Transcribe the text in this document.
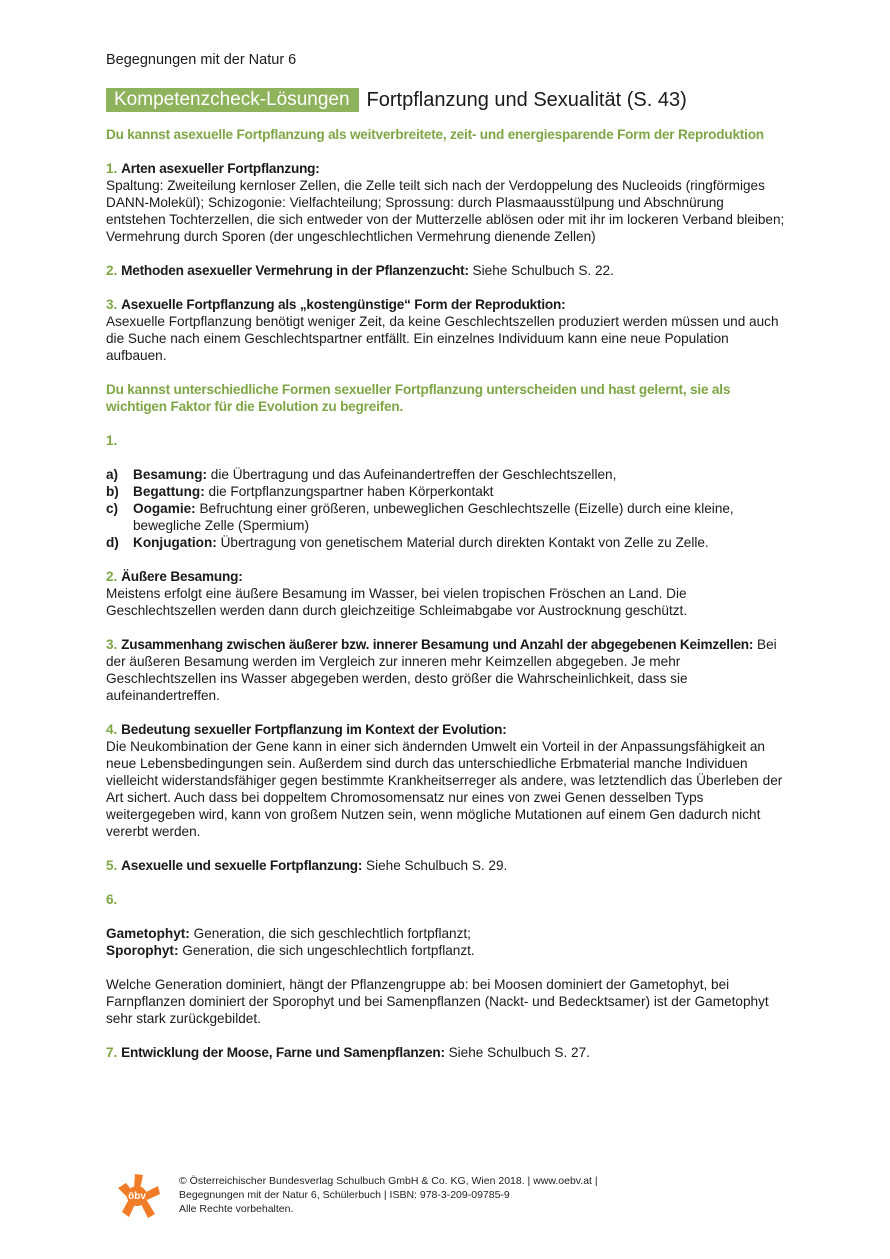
Begegnungen mit der Natur 6
Kompetenzcheck-Lösungen Fortpflanzung und Sexualität (S. 43)
Du kannst asexuelle Fortpflanzung als weitverbreitete, zeit- und energiesparende Form der Reproduktion

1. Arten asexueller Fortpflanzung:

Spaltung: Zweiteilung kernloser Zellen, die Zelle teilt sich nach der Verdoppelung des Nucleoids (ringförmiges DANN-Molekül); Schizogonie: Vielfachteilung; Sprossung: durch Plasmaausstülpung und Abschnürung entstehen Tochterzellen, die sich entweder von der Mutterzelle ablösen oder mit ihr im lockeren Verband bleiben; Vermehrung durch Sporen (der ungeschlechtlichen Vermehrung dienende Zellen)

2. Methoden asexueller Vermehrung in der Pflanzenzucht: Siehe Schulbuch S. 22.

3. Asexuelle Fortpflanzung als „kostengünstige“ Form der Reproduktion:

Asexuelle Fortpflanzung benötigt weniger Zeit, da keine Geschlechtszellen produziert werden müssen und auch die Suche nach einem Geschlechtspartner entfällt. Ein einzelnes Individuum kann eine neue Population aufbauen.

Du kannst unterschiedliche Formen sexueller Fortpflanzung unterscheiden und hast gelernt, sie als wichtigen Faktor für die Evolution zu begreifen.
1.
a)	Besamung: die Übertragung und das Aufeinandertreffen der Geschlechtszellen,
b)	Begattung: die Fortpflanzungspartner haben Körperkontakt
c)	Oogamie: Befruchtung einer größeren, unbeweglichen Geschlechtszelle (Eizelle) durch eine kleine, bewegliche Zelle (Spermium)
d)	Konjugation: Übertragung von genetischem Material durch direkten Kontakt von Zelle zu Zelle.

2. Äußere Besamung:

Meistens erfolgt eine äußere Besamung im Wasser, bei vielen tropischen Fröschen an Land. Die Geschlechtszellen werden dann durch gleichzeitige Schleimabgabe vor Austrocknung geschützt.

3. Zusammenhang zwischen äußerer bzw. innerer Besamung und Anzahl der abgegebenen Keimzellen: Bei der äußeren Besamung werden im Vergleich zur inneren mehr Keimzellen abgegeben. Je mehr Geschlechtszellen ins Wasser abgegeben werden, desto größer die Wahrscheinlichkeit, dass sie aufeinandertreffen.

4. Bedeutung sexueller Fortpflanzung im Kontext der Evolution:

Die Neukombination der Gene kann in einer sich ändernden Umwelt ein Vorteil in der Anpassungsfähigkeit an neue Lebensbedingungen sein. Außerdem sind durch das unterschiedliche Erbmaterial manche Individuen vielleicht widerstandsfähiger gegen bestimmte Krankheitserreger als andere, was letztendlich das Überleben der Art sichert. Auch dass bei doppeltem Chromosomensatz nur eines von zwei Genen desselben Typs weitergegeben wird, kann von großem Nutzen sein, wenn mögliche Mutationen auf einem Gen dadurch nicht vererbt werden.

5. Asexuelle und sexuelle Fortpflanzung: Siehe Schulbuch S. 29.

6.

Gametophyt: Generation, die sich geschlechtlich fortpflanzt;

Sporophyt: Generation, die sich ungeschlechtlich fortpflanzt.

Welche Generation dominiert, hängt der Pflanzengruppe ab: bei Moosen dominiert der Gametophyt, bei Farnpflanzen dominiert der Sporophyt und bei Samenpflanzen (Nackt- und Bedecktsamer) ist der Gametophyt sehr stark zurückgebildet.

7. Entwicklung der Moose, Farne und Samenpflanzen: Siehe Schulbuch S. 27.

öbv
© Österreichischer Bundesverlag Schulbuch GmbH & Co. KG, Wien 2018. | www.oebv.at |
Begegnungen mit der Natur 6, Schülerbuch | ISBN: 978-3-209-09785-9
Alle Rechte vorbehalten.
